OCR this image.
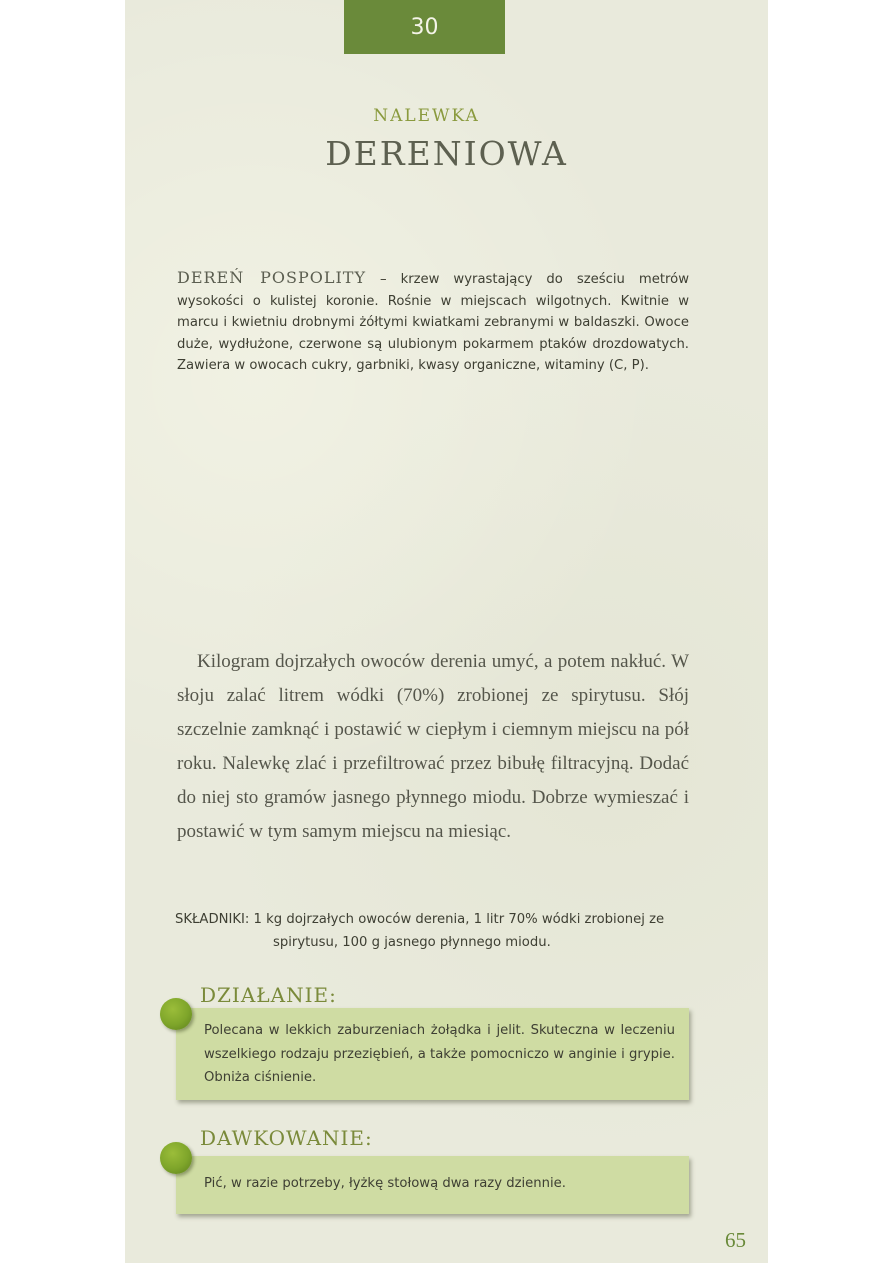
30
NALEWKA
DERENIOWA

DEREŃ POSPOLITY – krzew wyrastający do sześciu metrów wysokości o kulistej koronie. Rośnie w miejscach wilgotnych. Kwitnie w marcu i kwietniu drobnymi żółtymi kwiatkami zebranymi w baldaszki. Owoce duże, wydłużone, czerwone są ulubionym pokarmem ptaków drozdowatych. Zawiera w owocach cukry, garbniki, kwasy organiczne, witaminy (C, P).

Kilogram dojrzałych owoców derenia umyć, a potem nakłuć. W słoju zalać litrem wódki (70%) zrobionej ze spirytusu. Słój szczelnie zamknąć i postawić w ciepłym i ciemnym miejscu na pół roku. Nalewkę zlać i przefiltrować przez bibułę filtracyjną. Dodać do niej sto gramów jasnego płynnego miodu. Dobrze wymieszać i postawić w tym samym miejscu na miesiąc.

SKŁADNIKI: 1 kg dojrzałych owoców derenia, 1 litr 70% wódki zrobionej ze spirytusu, 100 g jasnego płynnego miodu.

DZIAŁANIE:
Polecana w lekkich zaburzeniach żołądka i jelit. Skuteczna w leczeniu wszelkiego rodzaju przeziębień, a także pomocniczo w anginie i grypie. Obniża ciśnienie.
DAWKOWANIE:
Pić, w razie potrzeby, łyżkę stołową dwa razy dziennie.
65
